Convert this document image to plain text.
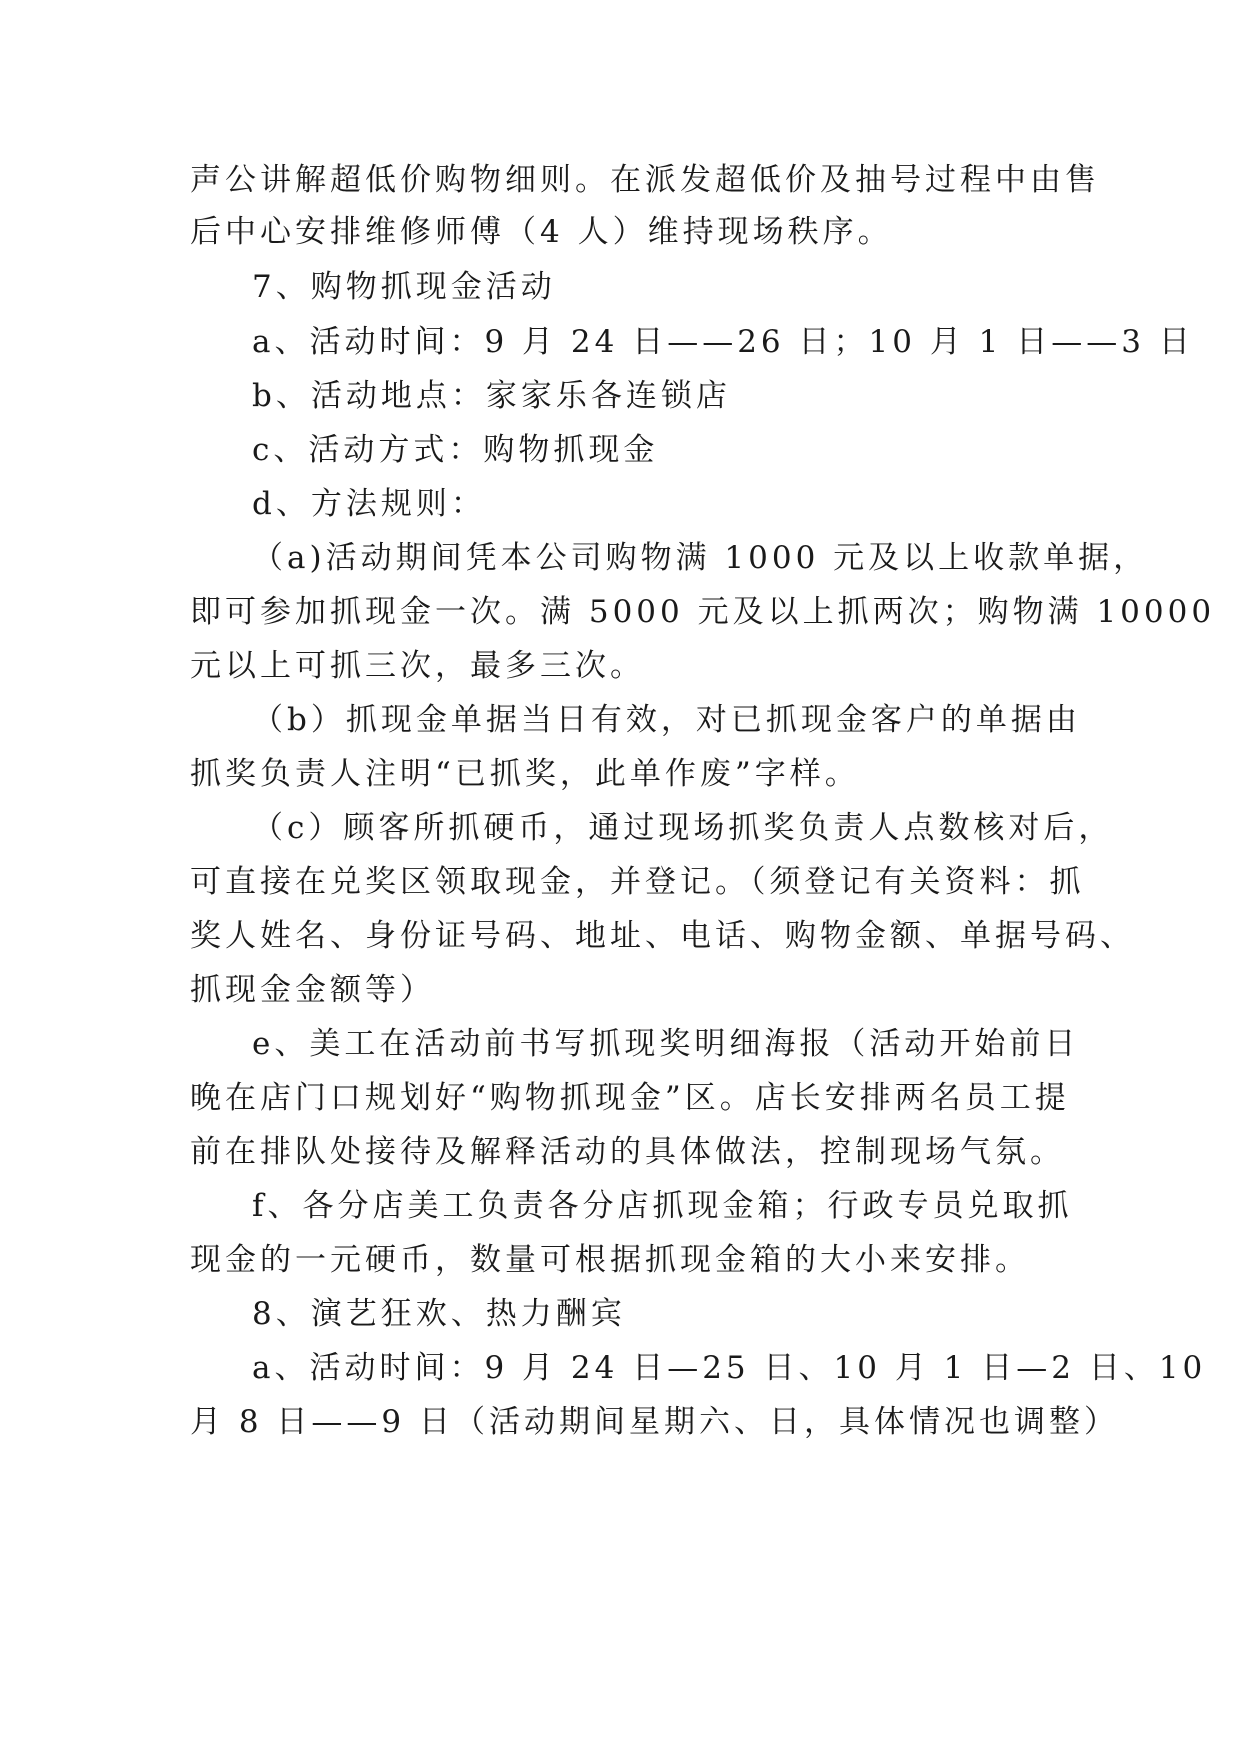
声公讲解超低价购物细则。在派发超低价及抽号过程中由售
后中心安排维修师傅（4 人）维持现场秩序。
7、购物抓现金活动
a、活动时间：9 月 24 日——26 日；10 月 1 日——3 日
b、活动地点：家家乐各连锁店
c、活动方式：购物抓现金
d、方法规则：
（a)活动期间凭本公司购物满 1000 元及以上收款单据，
即可参加抓现金一次。满 5000 元及以上抓两次；购物满 10000
元以上可抓三次，最多三次。
（b）抓现金单据当日有效，对已抓现金客户的单据由
抓奖负责人注明“已抓奖，此单作废”字样。
（c）顾客所抓硬币，通过现场抓奖负责人点数核对后，
可直接在兑奖区领取现金，并登记。（须登记有关资料：抓
奖人姓名、身份证号码、地址、电话、购物金额、单据号码、
抓现金金额等）
e、美工在活动前书写抓现奖明细海报（活动开始前日
晚在店门口规划好“购物抓现金”区。店长安排两名员工提
前在排队处接待及解释活动的具体做法，控制现场气氛。
f、各分店美工负责各分店抓现金箱；行政专员兑取抓
现金的一元硬币，数量可根据抓现金箱的大小来安排。
8、演艺狂欢、热力酬宾
a、活动时间：9 月 24 日—25 日、10 月 1 日—2 日、10
月 8 日——9 日（活动期间星期六、日，具体情况也调整）
